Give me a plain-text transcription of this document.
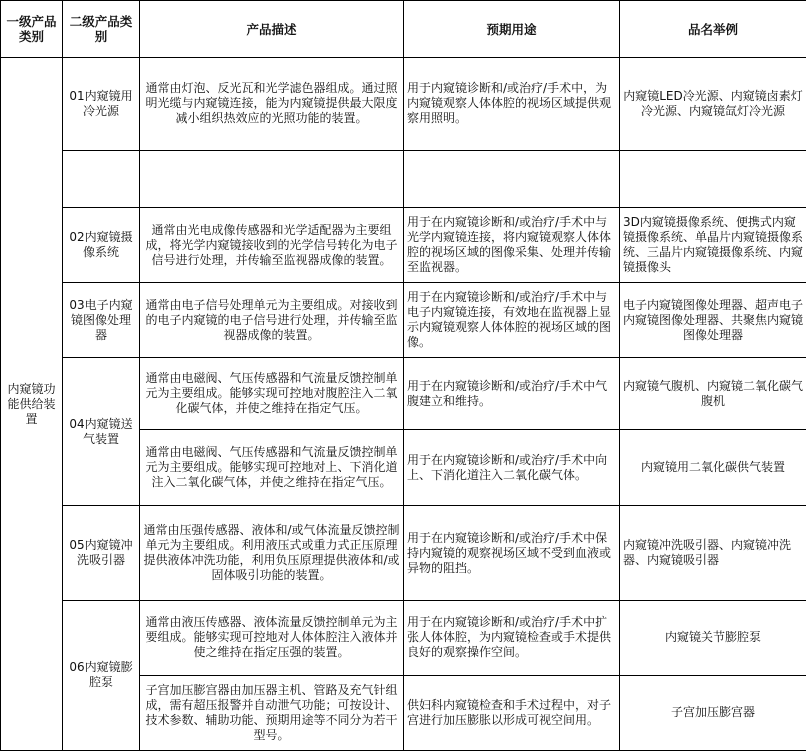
一级产品类别	二级产品类别	产品描述	预期用途	品名举例
内窥镜功能供给装置	01内窥镜用冷光源	通常由灯泡、反光瓦和光学滤色器组成。通过照明光缆与内窥镜连接，能为内窥镜提供最大限度减小组织热效应的光照功能的装置。	用于内窥镜诊断和/或治疗/手术中，为内窥镜观察人体体腔的视场区域提供观察用照明。	内窥镜LED冷光源、内窥镜卤素灯冷光源、内窥镜氙灯冷光源

	02内窥镜摄像系统	通常由光电成像传感器和光学适配器为主要组成，将光学内窥镜接收到的光学信号转化为电子信号进行处理，并传输至监视器成像的装置。	用于在内窥镜诊断和/或治疗/手术中与光学内窥镜连接，将内窥镜观察人体体腔的视场区域的图像采集、处理并传输至监视器。	3D内窥镜摄像系统、便携式内窥镜摄像系统、单晶片内窥镜摄像系统、三晶片内窥镜摄像系统、内窥镜摄像头
	03电子内窥镜图像处理器	通常由电子信号处理单元为主要组成。对接收到的电子内窥镜的电子信号进行处理，并传输至监视器成像的装置。	用于在内窥镜诊断和/或治疗/手术中与电子内窥镜连接，有效地在监视器上显示内窥镜观察人体体腔的视场区域的图像。	电子内窥镜图像处理器、超声电子内窥镜图像处理器、共聚焦内窥镜图像处理器
	04内窥镜送气装置	通常由电磁阀、气压传感器和气流量反馈控制单元为主要组成。能够实现可控地对腹腔注入二氧化碳气体，并使之维持在指定气压。	用于在内窥镜诊断和/或治疗/手术中气腹建立和维持。	内窥镜气腹机、内窥镜二氧化碳气腹机
		通常由电磁阀、气压传感器和气流量反馈控制单元为主要组成。能够实现可控地对上、下消化道注入二氧化碳气体，并使之维持在指定气压。	用于在内窥镜诊断和/或治疗/手术中向上、下消化道注入二氧化碳气体。	内窥镜用二氧化碳供气装置
	05内窥镜冲洗吸引器	通常由压强传感器、液体和/或气体流量反馈控制单元为主要组成。利用液压式或重力式正压原理提供液体冲洗功能，利用负压原理提供液体和/或固体吸引功能的装置。	用于在内窥镜诊断和/或治疗/手术中保持内窥镜的观察视场区域不受到血液或异物的阻挡。	内窥镜冲洗吸引器、内窥镜冲洗器、内窥镜吸引器
	06内窥镜膨腔泵	通常由液压传感器、液体流量反馈控制单元为主要组成。能够实现可控地对人体体腔注入液体并使之维持在指定压强的装置。	用于在内窥镜诊断和/或治疗/手术中扩张人体体腔，为内窥镜检查或手术提供良好的观察操作空间。	内窥镜关节膨腔泵
		子宫加压膨宫器由加压器主机、管路及充气针组成，需有超压报警并自动泄气功能；可按设计、技术参数、辅助功能、预期用途等不同分为若干型号。	供妇科内窥镜检查和手术过程中，对子宫进行加压膨胀以形成可视空间用。	子宫加压膨宫器
